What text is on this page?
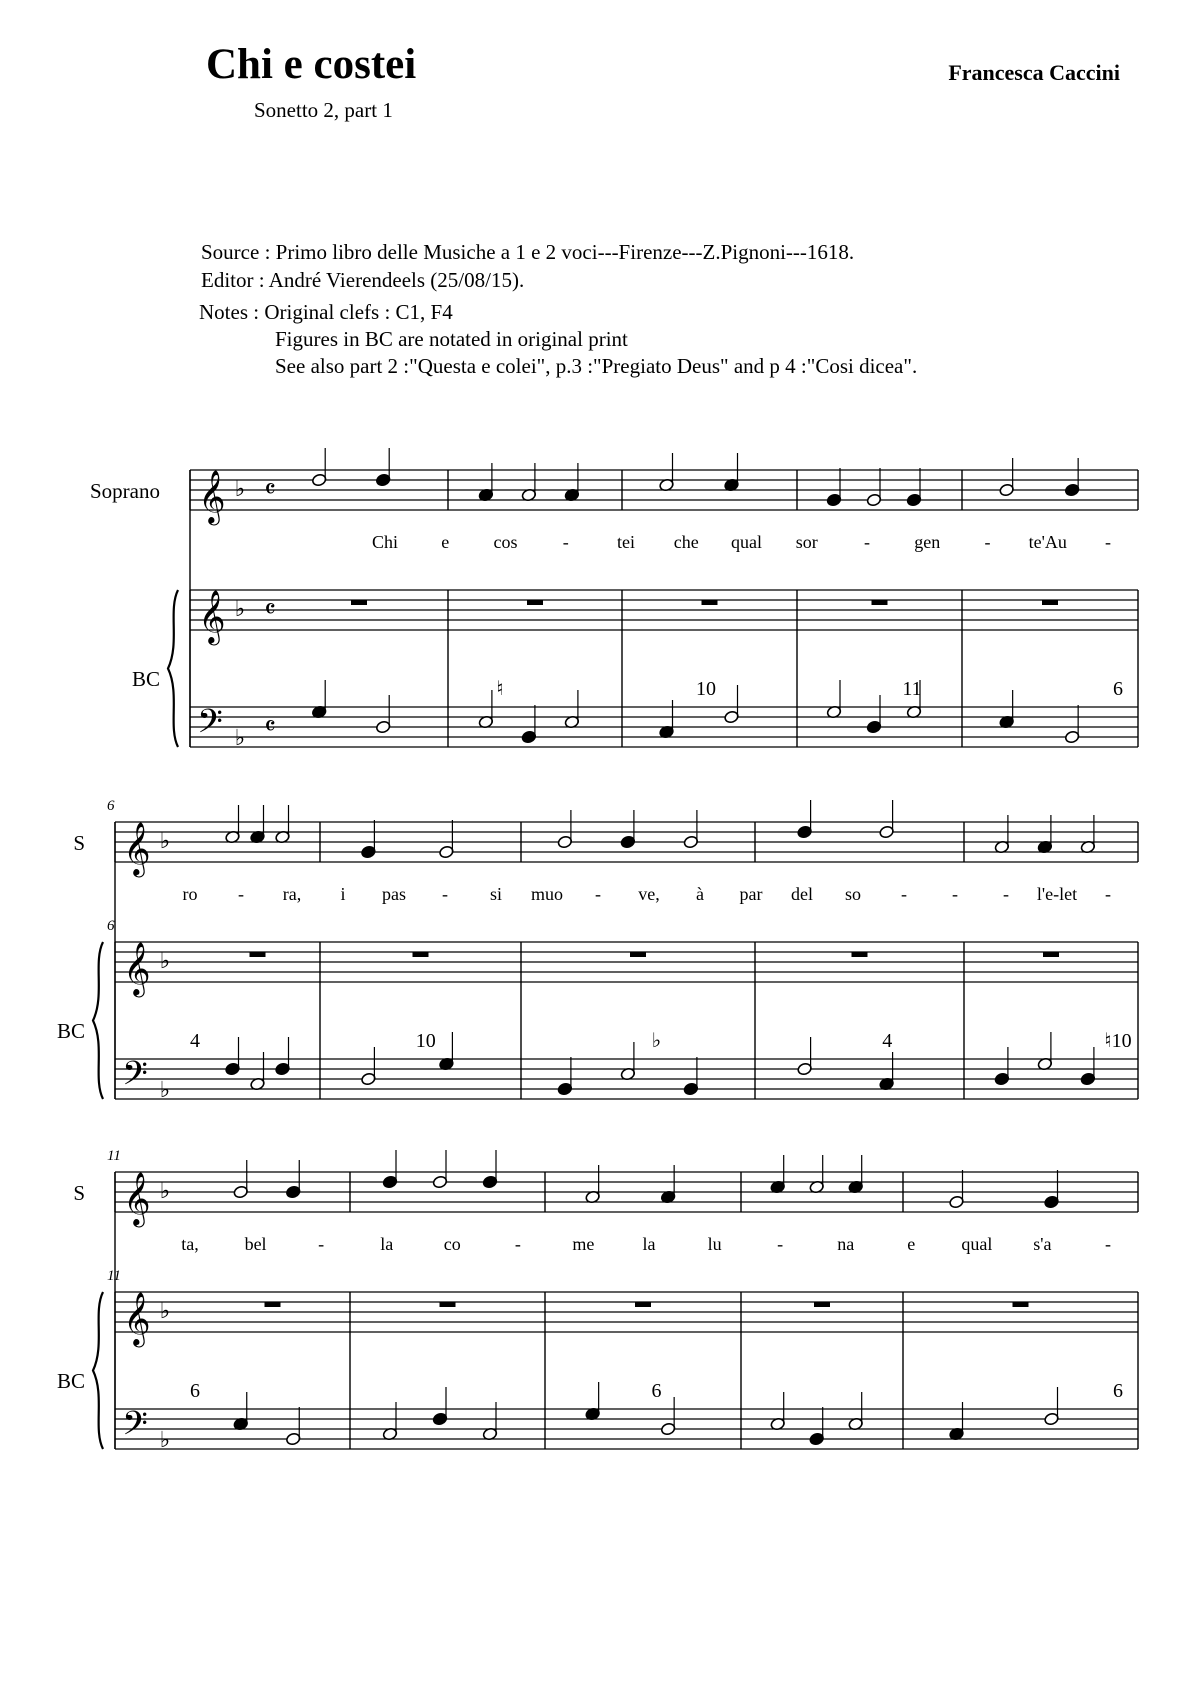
Chi e costei
Sonetto 2, part 1
Francesca Caccini
Source : Primo libro delle Musiche a 1 e 2 voci---Firenze---Z.Pignoni---1618.
Editor : André Vierendeels (25/08/15).
Notes : Original clefs : C1, F4
Figures in BC are notated in original print
See also part 2 :"Questa e colei", p.3 :"Pregiato Deus" and p 4 :"Cosi dicea".
𝄞
𝄞
𝄢
♭
♭
♭
𝄴
𝄴
𝄴
Soprano
BC
Chi e cos	-	tei che qual sor	- gen - te'Au -
♮	10	11	6
𝄞
𝄞
𝄢
♭
♭
♭
S
BC
6
6
ro - ra, i pas - si muo - ve, à par del so -	-	- l'e-let -
4	10	♭	4	♮10
𝄞
𝄞
𝄢
♭
♭
♭
S
BC
11
11
ta,	bel	-	la	co	-	me	la	lu	-	na	e	qual s'a	-
6	6	6
